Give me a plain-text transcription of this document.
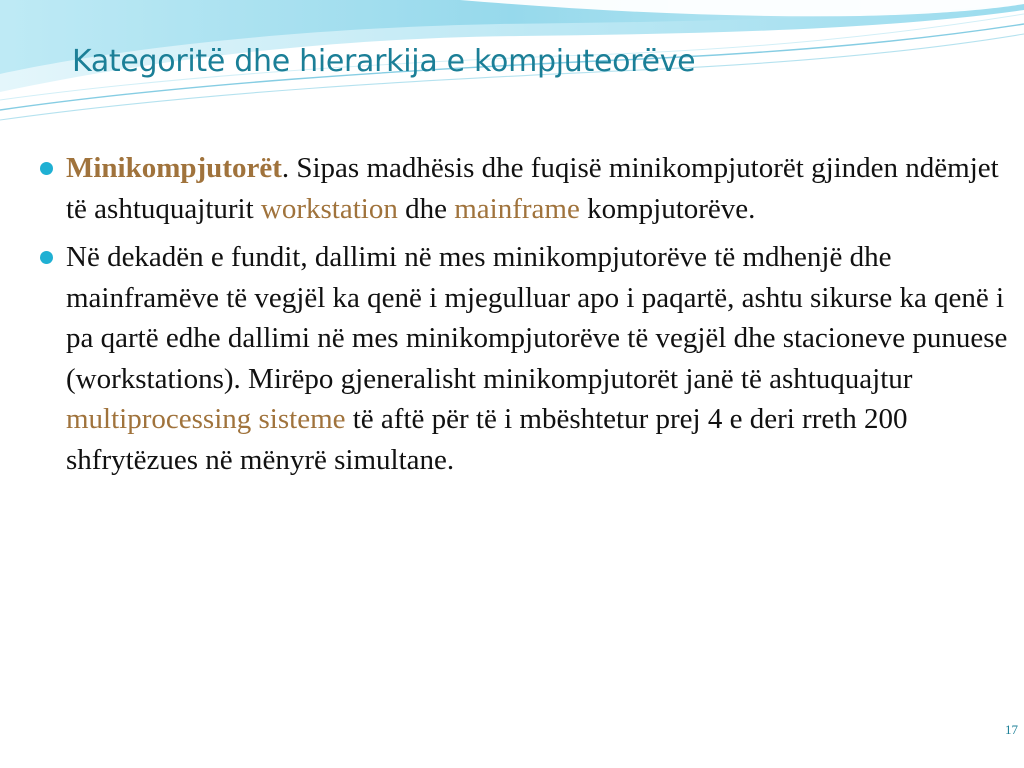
Kategoritë dhe hierarkija e kompjuteorëve
Minikompjutorët. Sipas madhësis dhe fuqisë minikompjutorët gjinden ndëmjet të ashtuquajturit workstation dhe mainframe kompjutorëve.
Në dekadën e fundit, dallimi në mes minikompjutorëve të mdhenjë dhe mainframëve të vegjël ka qenë i mjegulluar apo i paqartë, ashtu sikurse ka qenë i pa qartë edhe dallimi në mes minikompjutorëve të vegjël dhe stacioneve punuese (workstations). Mirëpo gjeneralisht minikompjutorët janë të ashtuquajtur multiprocessing sisteme të aftë për të i mbështetur prej 4 e deri rreth 200 shfrytëzues në mënyrë simultane.
17
